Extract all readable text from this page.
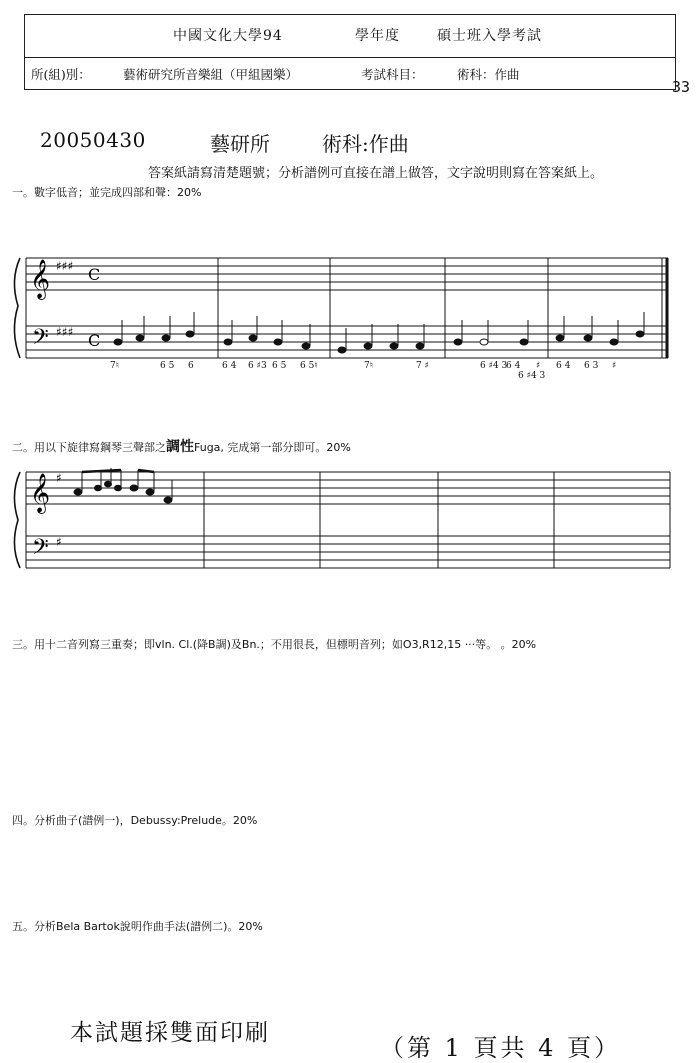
中國文化大學94	學年度	碩士班入學考試
所(組)別：	藝術研究所音樂組（甲組國樂）	考試科目：	術科：作曲
33
20050430	藝研所	術科:作曲
答案紙請寫清楚題號；分析譜例可直接在譜上做答，文字說明則寫在答案紙上。
一。數字低音；並完成四部和聲：20%
𝄞
𝄢
♯♯♯
♯♯♯
C
C
7♮	6 5 6	6 4 6 ♯3 6 5 6 5♮	7♮	7 ♯	6 ♯4 3
6 4
6 ♯4 3
♯ 6 4 6 3 ♯
二。用以下旋律寫鋼琴三聲部之調性Fuga, 完成第一部分即可。20%
𝄞
𝄢
♯
♯
三。用十二音列寫三重奏；即vln. Cl.(降B調)及Bn.；不用很長，但標明音列；如O3,R12,15 ‧‧‧等。 。20%
四。分析曲子(譜例一)，Debussy:Prelude。20%
五。分析Bela Bartok說明作曲手法(譜例二)。20%
本試題採雙面印刷
（第 1 頁共 4 頁）
